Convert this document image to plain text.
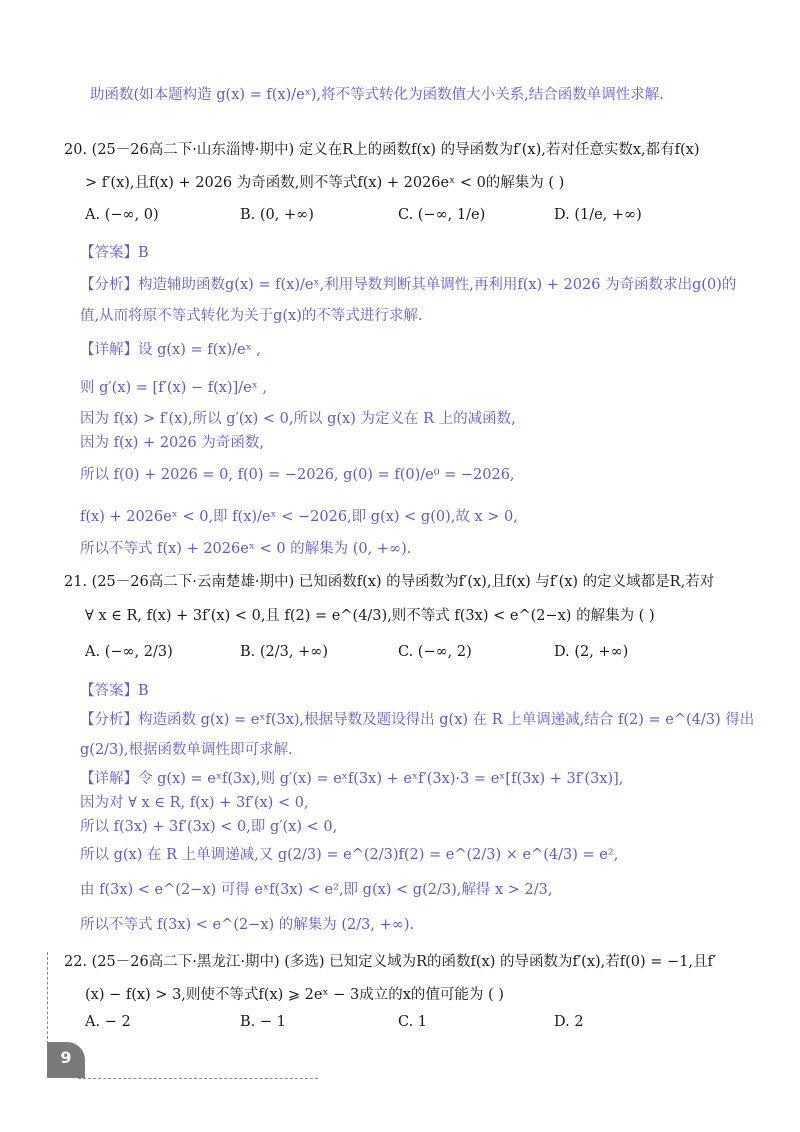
助函数(如本题构造 g(x) = f(x)/eˣ),将不等式转化为函数值大小关系,结合函数单调性求解.
20. (25－26高二下·山东淄博·期中) 定义在R上的函数f(x) 的导函数为f′(x),若对任意实数x,都有f(x)
> f′(x),且f(x) + 2026 为奇函数,则不等式f(x) + 2026eˣ < 0的解集为 ( )
【答案】B
【分析】构造辅助函数g(x) = f(x)/eˣ,利用导数判断其单调性,再利用f(x) + 2026 为奇函数求出g(0)的
值,从而将原不等式转化为关于g(x)的不等式进行求解.
【详解】设 g(x) = f(x)/eˣ ,
则 g′(x) = [f′(x) − f(x)]/eˣ ,
因为 f(x) > f′(x),所以 g′(x) < 0,所以 g(x) 为定义在 R 上的减函数,
因为 f(x) + 2026 为奇函数,
所以 f(0) + 2026 = 0, f(0) = −2026, g(0) = f(0)/e⁰ = −2026,
f(x) + 2026eˣ < 0,即 f(x)/eˣ < −2026,即 g(x) < g(0),故 x > 0,
所以不等式 f(x) + 2026eˣ < 0 的解集为 (0, +∞).
21. (25－26高二下·云南楚雄·期中) 已知函数f(x) 的导函数为f′(x),且f(x) 与f′(x) 的定义域都是R,若对
∀ x ∈ R, f(x) + 3f′(x) < 0,且 f(2) = e^(4/3),则不等式 f(3x) < e^(2−x) 的解集为 ( )
【答案】B
【分析】构造函数 g(x) = eˣf(3x),根据导数及题设得出 g(x) 在 R 上单调递减,结合 f(2) = e^(4/3) 得出
g(2/3),根据函数单调性即可求解.
【详解】令 g(x) = eˣf(3x),则 g′(x) = eˣf(3x) + eˣf′(3x)·3 = eˣ[f(3x) + 3f′(3x)],
因为对 ∀ x ∈ R, f(x) + 3f′(x) < 0,
所以 f(3x) + 3f′(3x) < 0,即 g′(x) < 0,
所以 g(x) 在 R 上单调递减,又 g(2/3) = e^(2/3)f(2) = e^(2/3) × e^(4/3) = e²,
由 f(3x) < e^(2−x) 可得 eˣf(3x) < e²,即 g(x) < g(2/3),解得 x > 2/3,
所以不等式 f(3x) < e^(2−x) 的解集为 (2/3, +∞).
22. (25－26高二下·黑龙江·期中) (多选) 已知定义域为R的函数f(x) 的导函数为f′(x),若f(0) = −1,且f′
(x) − f(x) > 3,则使不等式f(x) ⩾ 2eˣ − 3成立的x的值可能为 ( )
A. (−∞, 0)	B. (0, +∞)	C. (−∞, 1/e)	D. (1/e, +∞)
A. (−∞, 2/3)	B. (2/3, +∞)	C. (−∞, 2)	D. (2, +∞)
A. − 2	B. − 1	C. 1	D. 2
9
